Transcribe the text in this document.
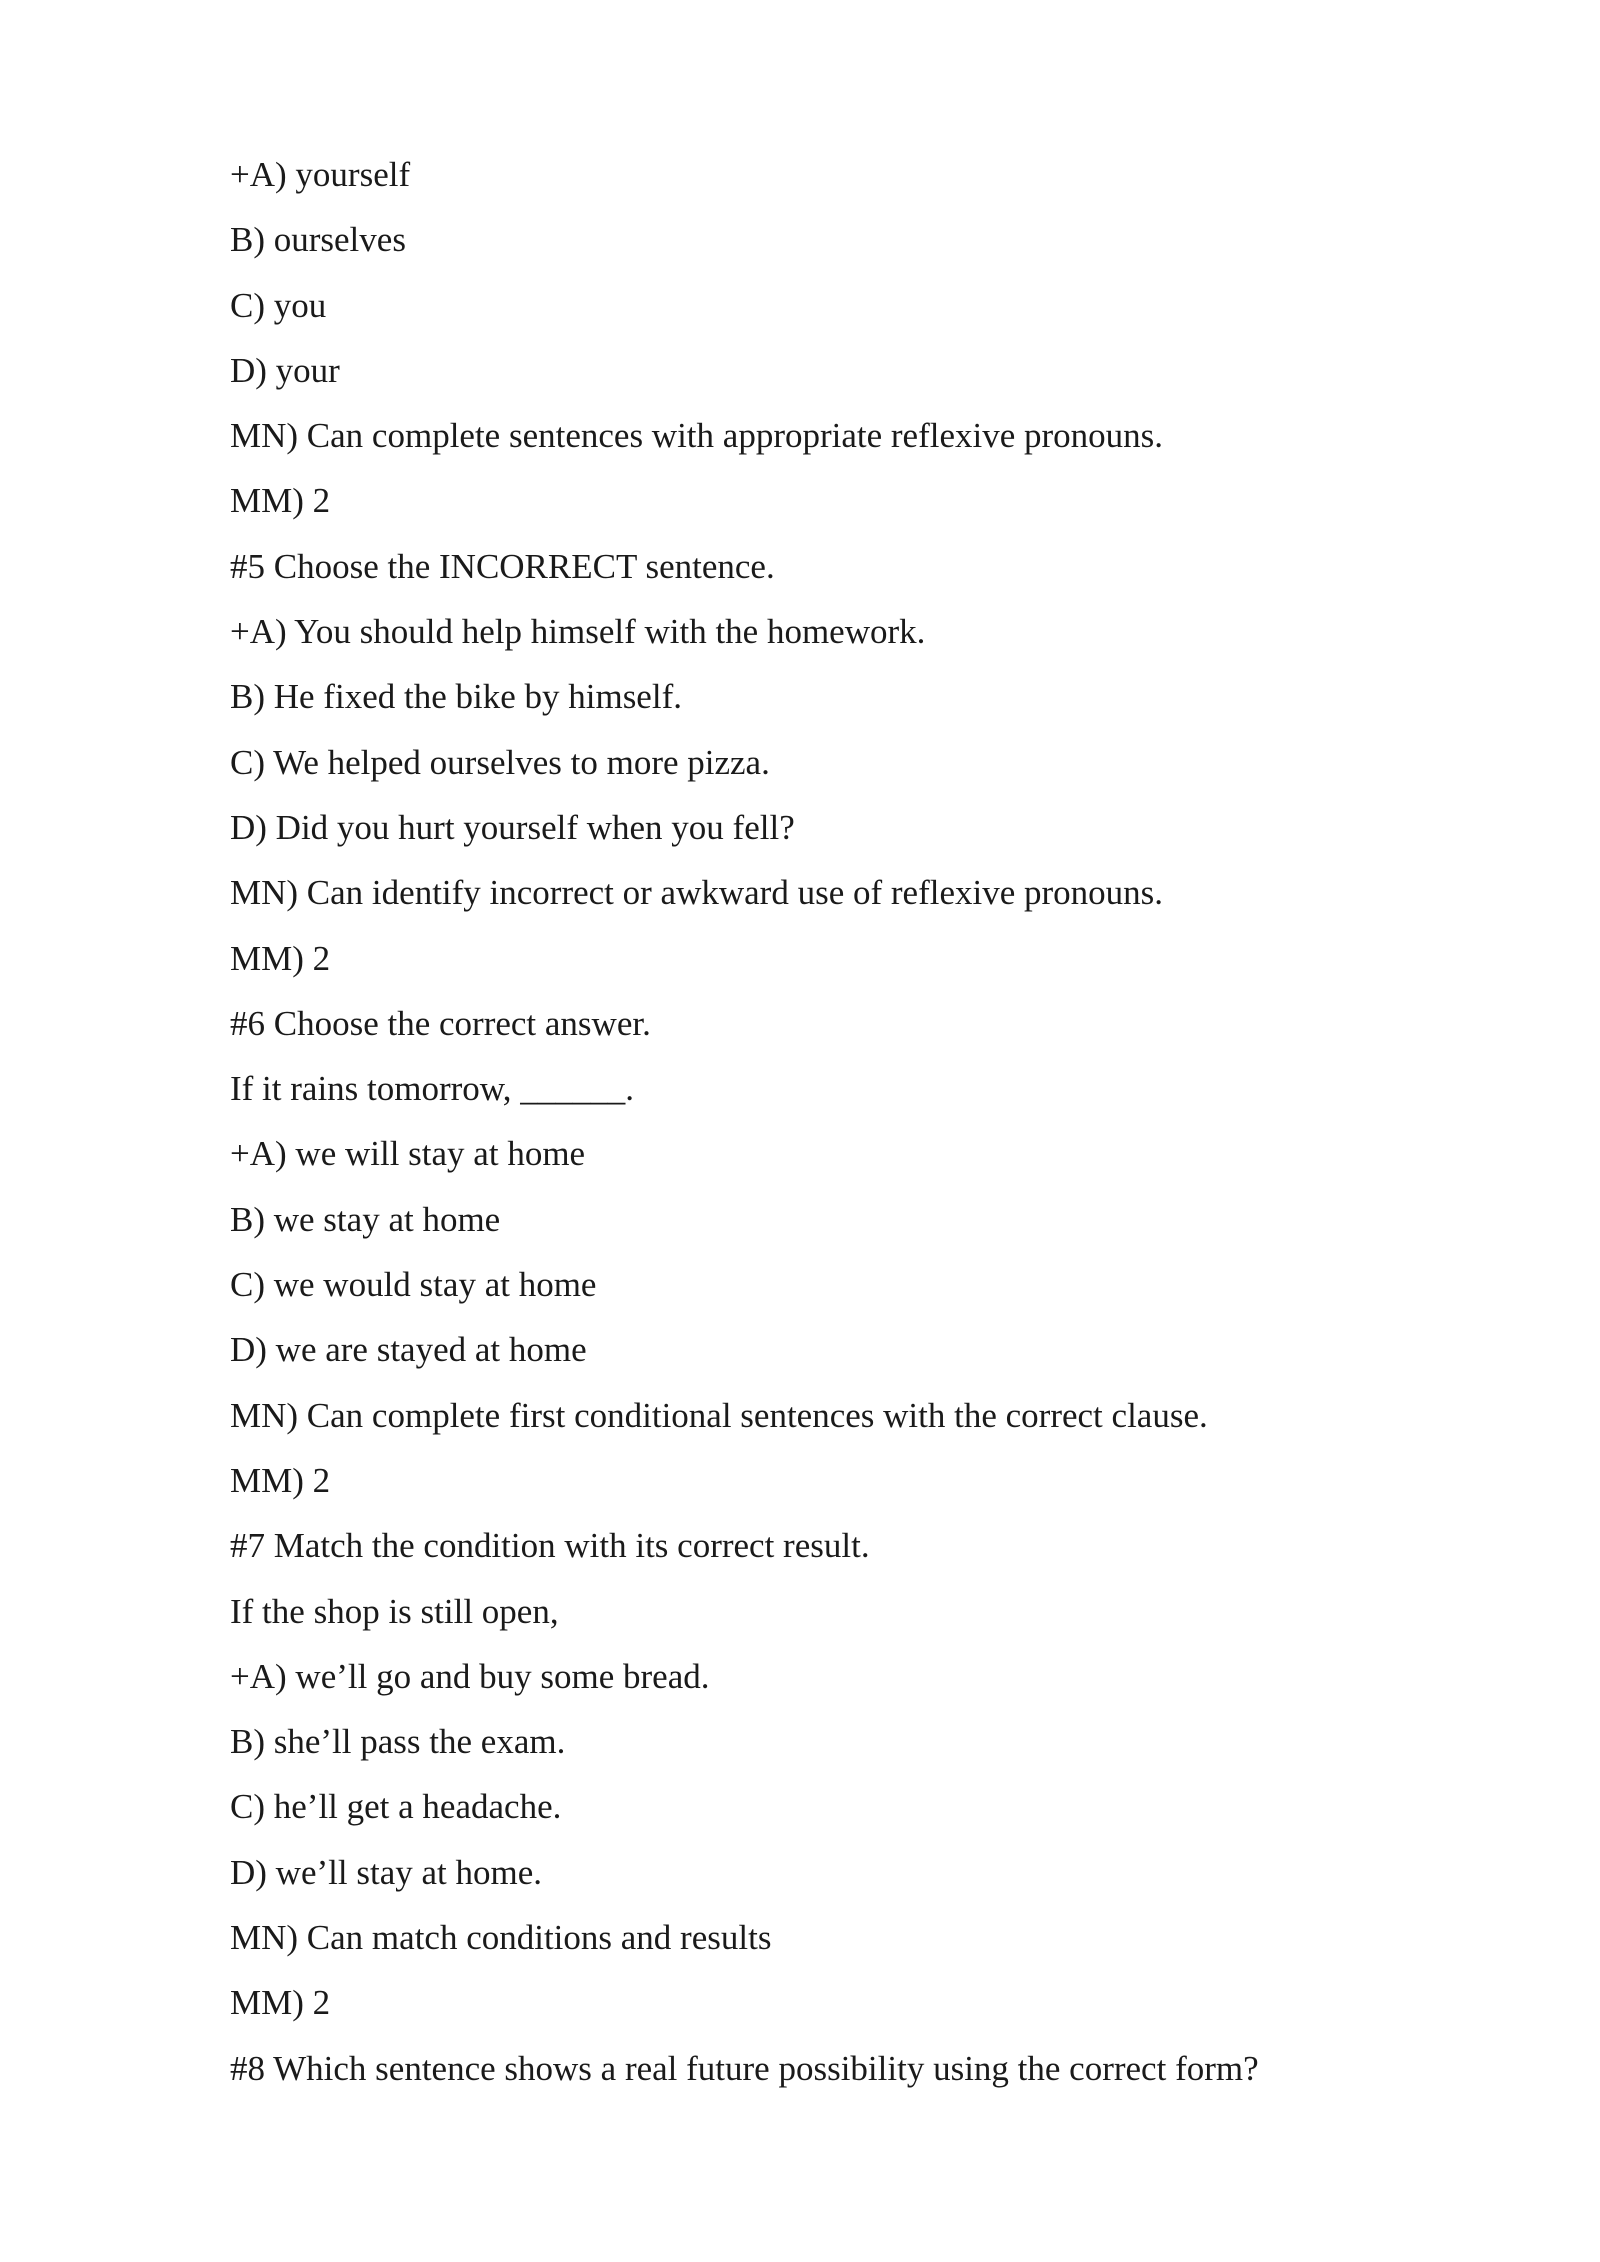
+A) yourself
B) ourselves
C) you
D) your
MN) Can complete sentences with appropriate reflexive pronouns.
MM) 2
#5 Choose the INCORRECT sentence.
+A) You should help himself with the homework.
B) He fixed the bike by himself.
C) We helped ourselves to more pizza.
D) Did you hurt yourself when you fell?
MN) Can identify incorrect or awkward use of reflexive pronouns.
MM) 2
#6 Choose the correct answer.
If it rains tomorrow, ______.
+A) we will stay at home
B) we stay at home
C) we would stay at home
D) we are stayed at home
MN) Can complete first conditional sentences with the correct clause.
MM) 2
#7 Match the condition with its correct result.
If the shop is still open,
+A) we’ll go and buy some bread.
B) she’ll pass the exam.
C) he’ll get a headache.
D) we’ll stay at home.
MN) Can match conditions and results
MM) 2
#8 Which sentence shows a real future possibility using the correct form?
